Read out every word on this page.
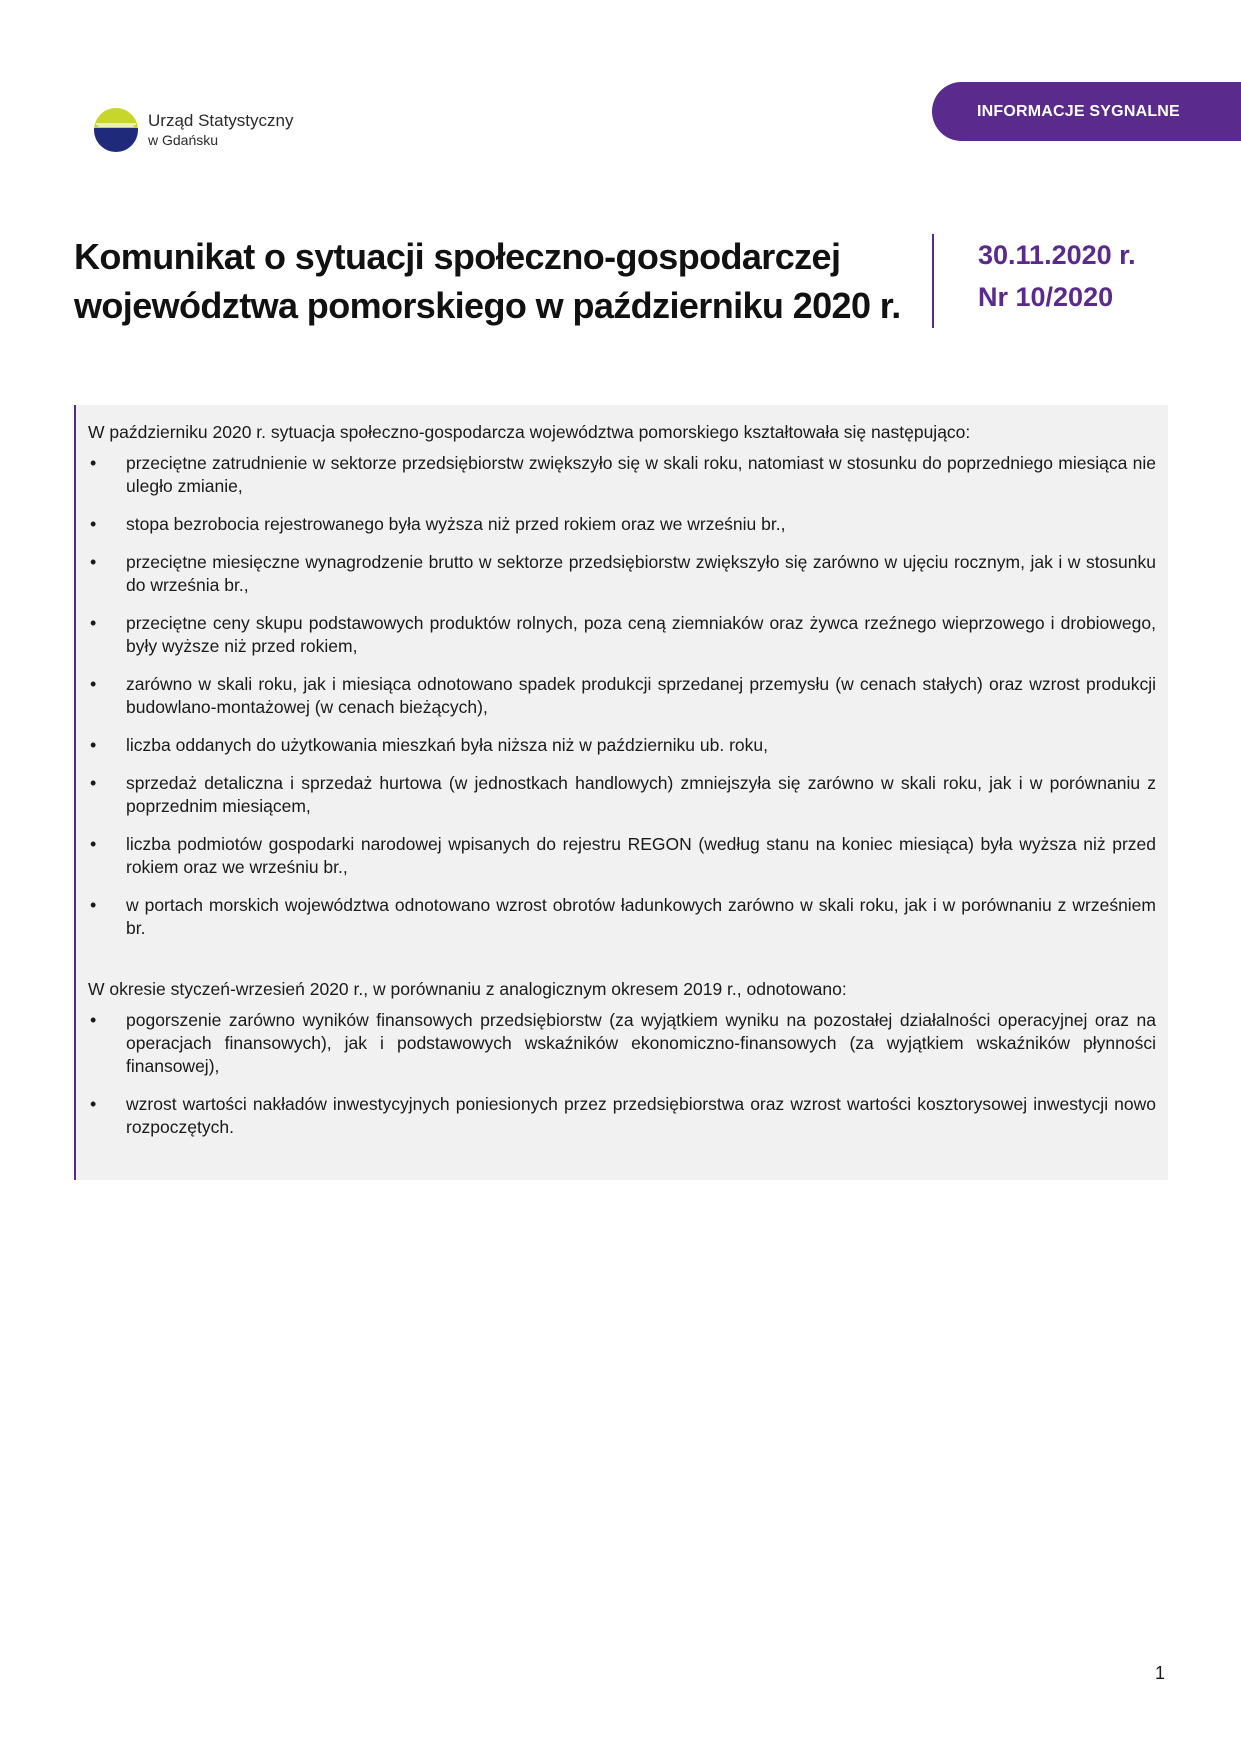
Urząd Statystyczny
w Gdańsku
INFORMACJE SYGNALNE
Komunikat o sytuacji społeczno-gospodarczej
województwa pomorskiego w październiku 2020 r.
30.11.2020 r.
Nr 10/2020

W październiku 2020 r. sytuacja społeczno-gospodarcza województwa pomorskiego kształtowała się następująco:

• przeciętne zatrudnienie w sektorze przedsiębiorstw zwiększyło się w skali roku, natomiast w stosunku do poprzedniego miesiąca nie uległo zmianie,
• stopa bezrobocia rejestrowanego była wyższa niż przed rokiem oraz we wrześniu br.,
• przeciętne miesięczne wynagrodzenie brutto w sektorze przedsiębiorstw zwiększyło się zarówno w ujęciu rocznym, jak i w stosunku do września br.,
• przeciętne ceny skupu podstawowych produktów rolnych, poza ceną ziemniaków oraz żywca rzeźnego wieprzowego i drobiowego, były wyższe niż przed rokiem,
• zarówno w skali roku, jak i miesiąca odnotowano spadek produkcji sprzedanej przemysłu (w cenach stałych) oraz wzrost produkcji budowlano-montażowej (w cenach bieżących),
• liczba oddanych do użytkowania mieszkań była niższa niż w październiku ub. roku,
• sprzedaż detaliczna i sprzedaż hurtowa (w jednostkach handlowych) zmniejszyła się zarówno w skali roku, jak i w porównaniu z poprzednim miesiącem,
• liczba podmiotów gospodarki narodowej wpisanych do rejestru REGON (według stanu na koniec miesiąca) była wyższa niż przed rokiem oraz we wrześniu br.,
• w portach morskich województwa odnotowano wzrost obrotów ładunkowych zarówno w skali roku, jak i w porównaniu z wrześniem br.

W okresie styczeń-wrzesień 2020 r., w porównaniu z analogicznym okresem 2019 r., odnotowano:

• pogorszenie zarówno wyników finansowych przedsiębiorstw (za wyjątkiem wyniku na pozostałej działalności operacyjnej oraz na operacjach finansowych), jak i podstawowych wskaźników ekonomiczno-finansowych (za wyjątkiem wskaźników płynności finansowej),
• wzrost wartości nakładów inwestycyjnych poniesionych przez przedsiębiorstwa oraz wzrost wartości kosztorysowej inwestycji nowo rozpoczętych.
1
